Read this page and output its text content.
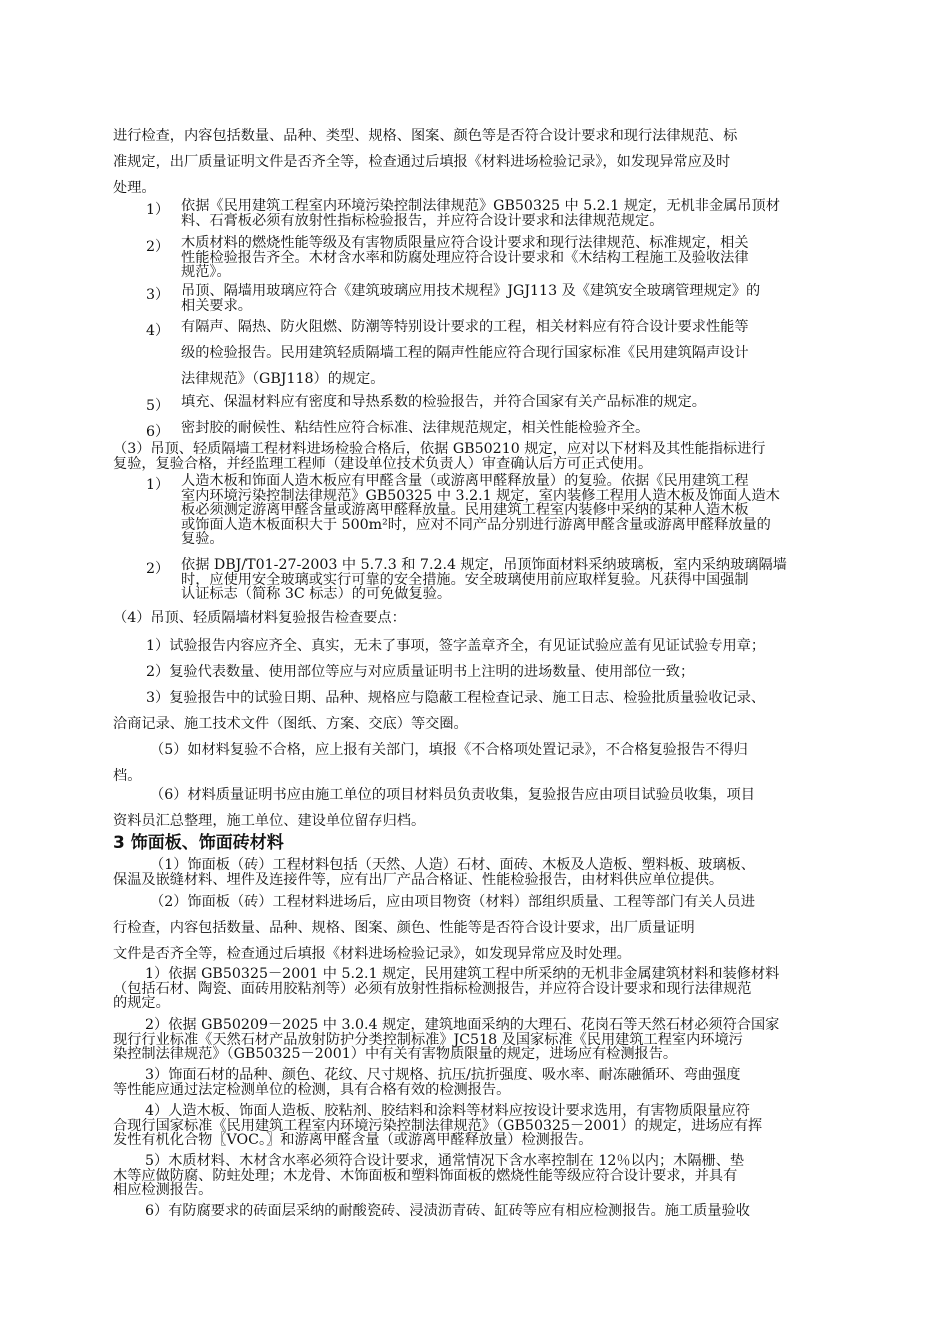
进行检查，内容包括数量、品种、类型、规格、图案、颜色等是否符合设计要求和现行法律规范、标
准规定，出厂质量证明文件是否齐全等，检查通过后填报《材料进场检验记录》，如发现异常应及时
处理。
1） 依据《民用建筑工程室内环境污染控制法律规范》GB50325 中 5.2.1 规定，无机非金属吊顶材
料、石膏板必须有放射性指标检验报告，并应符合设计要求和法律规范规定。
2） 木质材料的燃烧性能等级及有害物质限量应符合设计要求和现行法律规范、标准规定，相关
性能检验报告齐全。木材含水率和防腐处理应符合设计要求和《木结构工程施工及验收法律
规范》。
3） 吊顶、隔墙用玻璃应符合《建筑玻璃应用技术规程》JGJ113 及《建筑安全玻璃管理规定》的
相关要求。
4） 有隔声、隔热、防火阻燃、防潮等特别设计要求的工程，相关材料应有符合设计要求性能等
级的检验报告。民用建筑轻质隔墙工程的隔声性能应符合现行国家标准《民用建筑隔声设计
法律规范》（GBJ118）的规定。
5） 填充、保温材料应有密度和导热系数的检验报告，并符合国家有关产品标准的规定。
6） 密封胶的耐候性、粘结性应符合标准、法律规范规定，相关性能检验齐全。
（3）吊顶、轻质隔墙工程材料进场检验合格后，依据 GB50210 规定，应对以下材料及其性能指标进行
复验，复验合格，并经监理工程师（建设单位技术负责人）审查确认后方可正式使用。
1） 人造木板和饰面人造木板应有甲醛含量（或游离甲醛释放量）的复验。依据《民用建筑工程
室内环境污染控制法律规范》GB50325 中 3.2.1 规定，室内装修工程用人造木板及饰面人造木
板必须测定游离甲醛含量或游离甲醛释放量。民用建筑工程室内装修中采纳的某种人造木板
或饰面人造木板面积大于 500m²时，应对不同产品分别进行游离甲醛含量或游离甲醛释放量的
复验。
2） 依据 DBJ/T01-27-2003 中 5.7.3 和 7.2.4 规定，吊顶饰面材料采纳玻璃板，室内采纳玻璃隔墙
时，应使用安全玻璃或实行可靠的安全措施。安全玻璃使用前应取样复验。凡获得中国强制
认证标志（简称 3C 标志）的可免做复验。
（4）吊顶、轻质隔墙材料复验报告检查要点：
1）试验报告内容应齐全、真实，无未了事项，签字盖章齐全，有见证试验应盖有见证试验专用章；
2）复验代表数量、使用部位等应与对应质量证明书上注明的进场数量、使用部位一致；
3）复验报告中的试验日期、品种、规格应与隐蔽工程检查记录、施工日志、检验批质量验收记录、
洽商记录、施工技术文件（图纸、方案、交底）等交圈。
（5）如材料复验不合格，应上报有关部门，填报《不合格项处置记录》，不合格复验报告不得归
档。
（6）材料质量证明书应由施工单位的项目材料员负责收集，复验报告应由项目试验员收集，项目
资料员汇总整理，施工单位、建设单位留存归档。
3 饰面板、饰面砖材料
（1）饰面板（砖）工程材料包括（天然、人造）石材、面砖、木板及人造板、塑料板、玻璃板、
保温及嵌缝材料、埋件及连接件等，应有出厂产品合格证、性能检验报告，由材料供应单位提供。
（2）饰面板（砖）工程材料进场后，应由项目物资（材料）部组织质量、工程等部门有关人员进
行检查，内容包括数量、品种、规格、图案、颜色、性能等是否符合设计要求，出厂质量证明
文件是否齐全等，检查通过后填报《材料进场检验记录》，如发现异常应及时处理。
1）依据 GB50325－2001 中 5.2.1 规定，民用建筑工程中所采纳的无机非金属建筑材料和装修材料
（包括石材、陶瓷、面砖用胶粘剂等）必须有放射性指标检测报告，并应符合设计要求和现行法律规范
的规定。
2）依据 GB50209－2025 中 3.0.4 规定，建筑地面采纳的大理石、花岗石等天然石材必须符合国家
现行行业标准《天然石材产品放射防护分类控制标准》JC518 及国家标准《民用建筑工程室内环境污
染控制法律规范》（GB50325－2001）中有关有害物质限量的规定，进场应有检测报告。
3）饰面石材的品种、颜色、花纹、尺寸规格、抗压/抗折强度、吸水率、耐冻融循环、弯曲强度
等性能应通过法定检测单位的检测，具有合格有效的检测报告。
4）人造木板、饰面人造板、胶粘剂、胶结料和涂料等材料应按设计要求选用，有害物质限量应符
合现行国家标准《民用建筑工程室内环境污染控制法律规范》（GB50325－2001）的规定，进场应有挥
发性有机化合物〖VOC。〗和游离甲醛含量（或游离甲醛释放量）检测报告。
5）木质材料、木材含水率必须符合设计要求，通常情况下含水率控制在 12％以内；木隔栅、垫
木等应做防腐、防蛀处理；木龙骨、木饰面板和塑料饰面板的燃烧性能等级应符合设计要求，并具有
相应检测报告。
6）有防腐要求的砖面层采纳的耐酸瓷砖、浸渍沥青砖、缸砖等应有相应检测报告。施工质量验收
